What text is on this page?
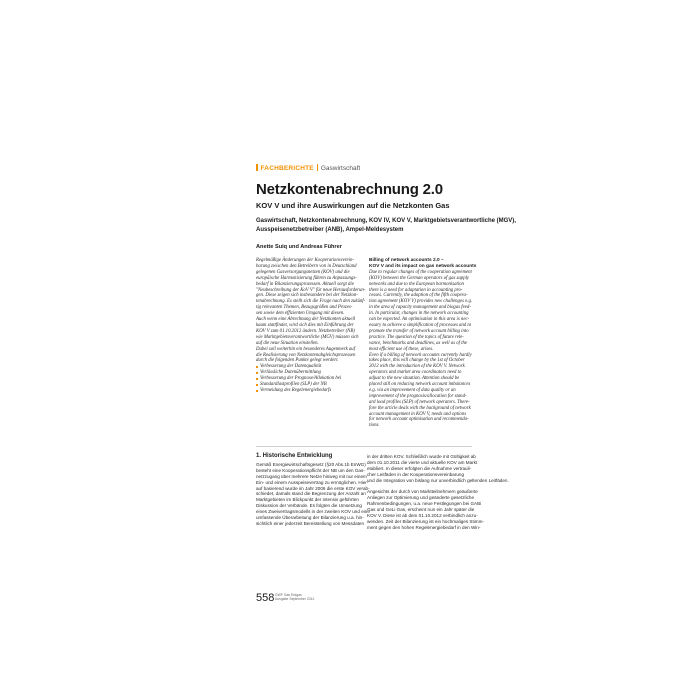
FACHBERICHTE Gaswirtschaft
Netzkontenabrechnung 2.0
KOV V und ihre Auswirkungen auf die Netzkonten Gas
Gaswirtschaft, Netzkontenabrechnung, KOV IV, KOV V, Marktgebietsverantwortliche (MGV), Ausspeisenetzbetreiber (ANB), Ampel-Meldesystem
Anette Suiq und Andreas Führer

Regelmäßige Änderungen der Kooperationsverein-

barung zwischen den Betreibern von in Deutschland

gelegenen Gasversorgungsnetzen (KOV) und die

europäische Harmonisierung führen zu Anpassungs-

bedarf in Bilanzierungsprozessen. Aktuell sorgt die

"Neubeschreibung der KoV V" für neue Herausforderun-

gen. Diese zeigen sich insbesondere bei der Netzkon-

tenabrechnung. Es stellt sich die Frage nach den zukünf-

tig relevanten Themen, Bezugsgrößen und Prozes-

sen sowie dem effizienten Umgang mit diesen.

Auch wenn eine Abrechnung der Netzkonten aktuell

kaum stattfindet, wird sich dies mit Einführung der

KOV V zum 01.10.2012 ändern. Netzbetreiber (NB)

wie Marktgebietsverantwortliche (MGV) müssen sich

auf die neue Situation einstellen.

Dabei soll weiterhin ein besonderes Augenmerk auf

die Realisierung von Netzkontenabgleichsprozessen

durch die folgenden Punkte gelegt werden:

Verbesserung der Datenqualität
Verlässliche Datenübermittlung
Verbesserung der Prognose/Allokation bei
Standardlastprofilen (SLP) der NB
Vermeidung des Regelenergiebedarfs

Billing of network accounts 2.0 –

KOV V and its impact on gas network accounts

Due to regular changes of the cooperation agreement

(KOV) between the German operators of gas supply

networks and due to the European harmonisation

there is a need for adaptation in accounting pro-

cesses. Currently, the adoption of the fifth coopera-

tion agreement (KOV V) provides new challenges e.g.

in the area of capacity management and biogas feed-

in. In particular, changes in the network accounting

can be expected. An optimisation in this area is nec-

essary to achieve a simplification of processes and to

promote the transfer of network account billing into

practice. The question of the topics of future rele-

vance, benchmarks and deadlines, as well as of the

most efficient use of these, arises.

Even if a billing of network accounts currently hardly

takes place, this will change by the 1st of October

2012 with the introduction of the KOV V. Network

operators and market area coordinators need to

adjust to the new situation. Attention should be

placed still on reducing network account imbalances

e.g. via an improvement of data quality or an

improvement of the prognosis/allocation for stand-

ard load profiles (SLP) of network operators. There-

fore the article deals with the background of network

account management in KOV V, needs and options

for network account optimisation and recommenda-

tions.

1. Historische Entwicklung

Gemäß Energiewirtschaftsgesetz (§20 Abs.1b EnWG)

besteht eine Kooperationspflicht der NB um den Gas-

netzzugang über mehrere Netze hinweg mit nur einem

Ein- und einem Ausspeisevertrag zu ermöglichen. Hier-

auf basierend wurde im Jahr 2006 die erste KOV verab-

schiedet, damals stand die Begrenzung der Anzahl an

Marktgebieten im Blickpunkt der intensiv geführten

Diskussion der Verbände. Es folgten die Umsetzung

eines Zweivertragsmodells in der zweiten KOV und eine

umfassende Überarbeitung der Bilanzierung u.a. hin-

sichtlich einer jederzeit Bereitstellung von Messdaten

in der dritten KOV. Schließlich wurde mit Gültigkeit ab

dem 01.10.2011 die vierte und aktuelle KOV am Markt

etabliert. In dieser erfolgten die Aufnahme vertrauli-

cher Leitfäden in der Kooperationsvereinbarung

und die Integration von bislang nur unverbindlich geltenden Leitfäden.

Angesichts der durch von Marktteilnehmern geäußerte

Anliegen zur Optimierung und geänderte gesetzliche

Rahmenbedingungen, u.a. neue Festlegungen bei GABi

Gas und GeLi Gas, erscheint nun ein Jahr später die

KOV V. Diese ist ab dem 01.10.2012 verbindlich anzu-

wenden. Zeit der Bilanzierung ist ein hochmaliges Stimm-

ment gegen den hohen Regelenergiebedarf in den Win-

558 GWF Gas Erdgas
Ausgabe September 2012
